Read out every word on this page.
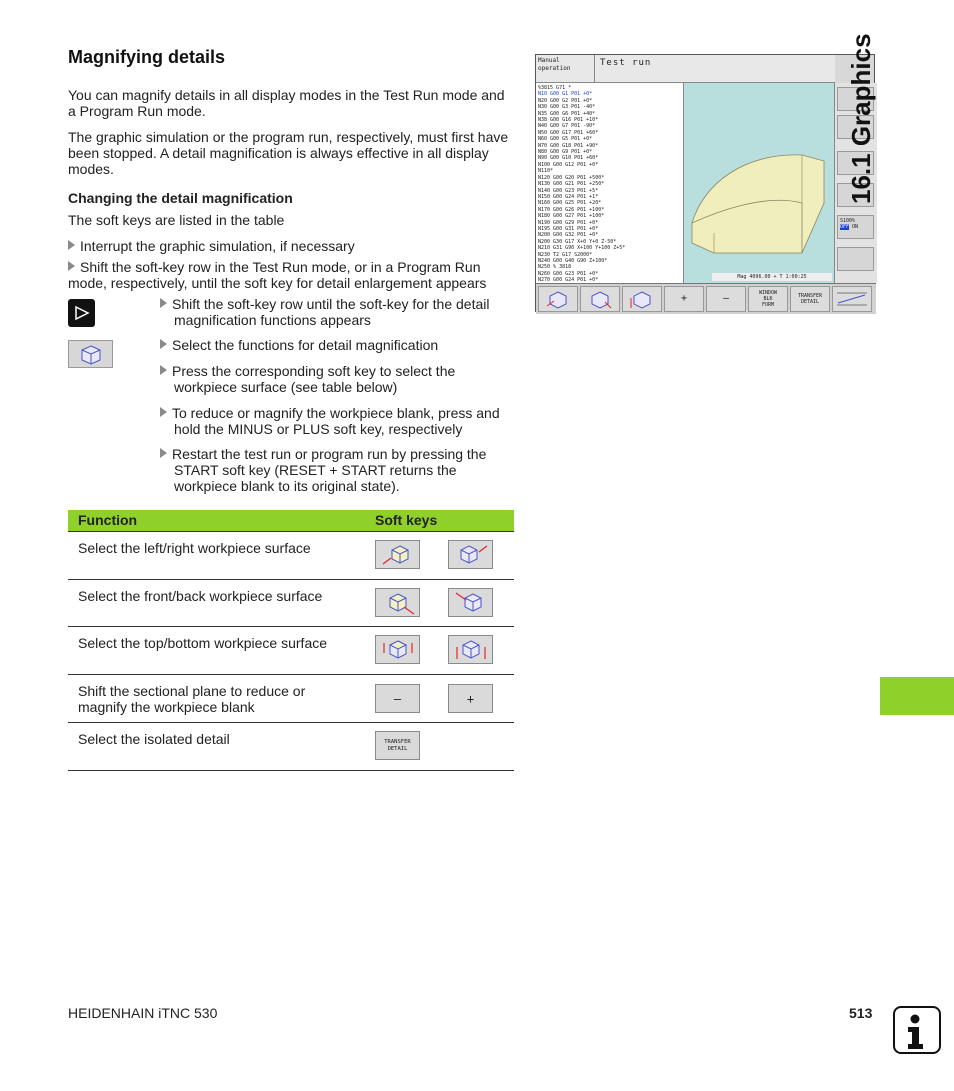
Magnifying details

You can magnify details in all display modes in the Test Run mode and a Program Run mode.

The graphic simulation or the program run, respectively, must first have been stopped. A detail magnification is always effective in all display modes.

Changing the detail magnification

The soft keys are listed in the table

Interrupt the graphic simulation, if necessary
Shift the soft-key row in the Test Run mode, or in a Program Run
mode, respectively, until the soft key for detail enlargement appears
Shift the soft-key row until the soft-key for the detail
magnification functions appears
Select the functions for detail magnification
Press the corresponding soft key to select the
workpiece surface (see table below)
To reduce or magnify the workpiece blank, press and
hold the MINUS or PLUS soft key, respectively
Restart the test run or program run by pressing the
START soft key (RESET + START returns the
workpiece blank to its original state).
Manual
operation
Test run
%3815 G71 *
N10 G00 G1 P01 +0*
N20 G00 G2 P01 +0*
N30 G00 G3 P01 -40*
N35 G00 G6 P01 +40*
N38 G00 G16 P01 +10*
N40 G00 G7 P01 -90*
N50 G00 G17 P01 +60*
N60 G00 G5 P01 +0*
N70 G00 G18 P01 +90*
N80 G00 G9 P01 +0*
N90 G00 G10 P01 +60*
N100 G00 G12 P01 +0*
N110*
N120 G00 G20 P01 +500*
N130 G00 G21 P01 +250*
N140 G00 G23 P01 +5*
N150 G00 G24 P01 +1*
N160 G00 G25 P01 +20*
N170 G00 G26 P01 +100*
N180 G00 G27 P01 +100*
N190 G00 G29 P01 +0*
N195 G00 G31 P01 +0*
N200 G00 G32 P01 +0*
N200 G30 G17 X+0 Y+0 Z-50*
N210 G31 G90 X+100 Y+100 Z+5*
N230 T2 G17 S2000*
N240 G00 G40 G90 Z+100*
N250 % 3818
N260 G00 G23 P01 +0*
N270 G00 G24 P01 +0*
Mag 4096.00 + T 1:00:25
S100%
OFF ON
+	–	WINDOW
BLK
FORM
TRANSFER
DETAIL
Function	Soft keys
Select the left/right workpiece surface
Select the front/back workpiece surface
Select the top/bottom workpiece surface
Shift the sectional plane to reduce or magnify the workpiece blank
–	+
Select the isolated detail	TRANSFER
DETAIL
16.1 Graphics
HEIDENHAIN iTNC 530	513
